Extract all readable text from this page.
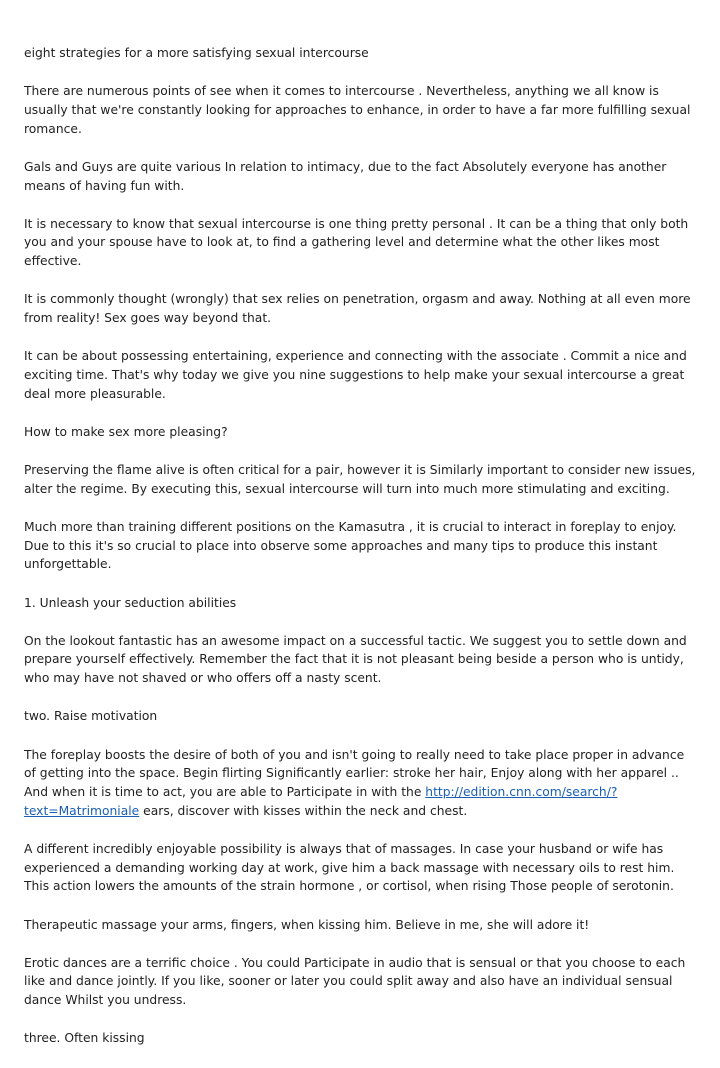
eight strategies for a more satisfying sexual intercourse

There are numerous points of see when it comes to intercourse . Nevertheless, anything we all know is usually that we're constantly looking for approaches to enhance, in order to have a far more fulfilling sexual romance.

Gals and Guys are quite various In relation to intimacy, due to the fact Absolutely everyone has another means of having fun with.

It is necessary to know that sexual intercourse is one thing pretty personal . It can be a thing that only both you and your spouse have to look at, to find a gathering level and determine what the other likes most effective.

It is commonly thought (wrongly) that sex relies on penetration, orgasm and away. Nothing at all even more from reality! Sex goes way beyond that.

It can be about possessing entertaining, experience and connecting with the associate . Commit a nice and exciting time. That's why today we give you nine suggestions to help make your sexual intercourse a great deal more pleasurable.

How to make sex more pleasing?

Preserving the flame alive is often critical for a pair, however it is Similarly important to consider new issues, alter the regime. By executing this, sexual intercourse will turn into much more stimulating and exciting.

Much more than training different positions on the Kamasutra , it is crucial to interact in foreplay to enjoy. Due to this it's so crucial to place into observe some approaches and many tips to produce this instant unforgettable.

1. Unleash your seduction abilities

On the lookout fantastic has an awesome impact on a successful tactic. We suggest you to settle down and prepare yourself effectively. Remember the fact that it is not pleasant being beside a person who is untidy, who may have not shaved or who offers off a nasty scent.

two. Raise motivation

The foreplay boosts the desire of both of you and isn't going to really need to take place proper in advance of getting into the space. Begin flirting Significantly earlier: stroke her hair, Enjoy along with her apparel .. And when it is time to act, you are able to Participate in with the http://edition.cnn.com/search/?text=Matrimoniale ears, discover with kisses within the neck and chest.

A different incredibly enjoyable possibility is always that of massages. In case your husband or wife has experienced a demanding working day at work, give him a back massage with necessary oils to rest him. This action lowers the amounts of the strain hormone , or cortisol, when rising Those people of serotonin.

Therapeutic massage your arms, fingers, when kissing him. Believe in me, she will adore it!

Erotic dances are a terrific choice . You could Participate in audio that is sensual or that you choose to each like and dance jointly. If you like, sooner or later you could split away and also have an individual sensual dance Whilst you undress.

three. Often kissing
